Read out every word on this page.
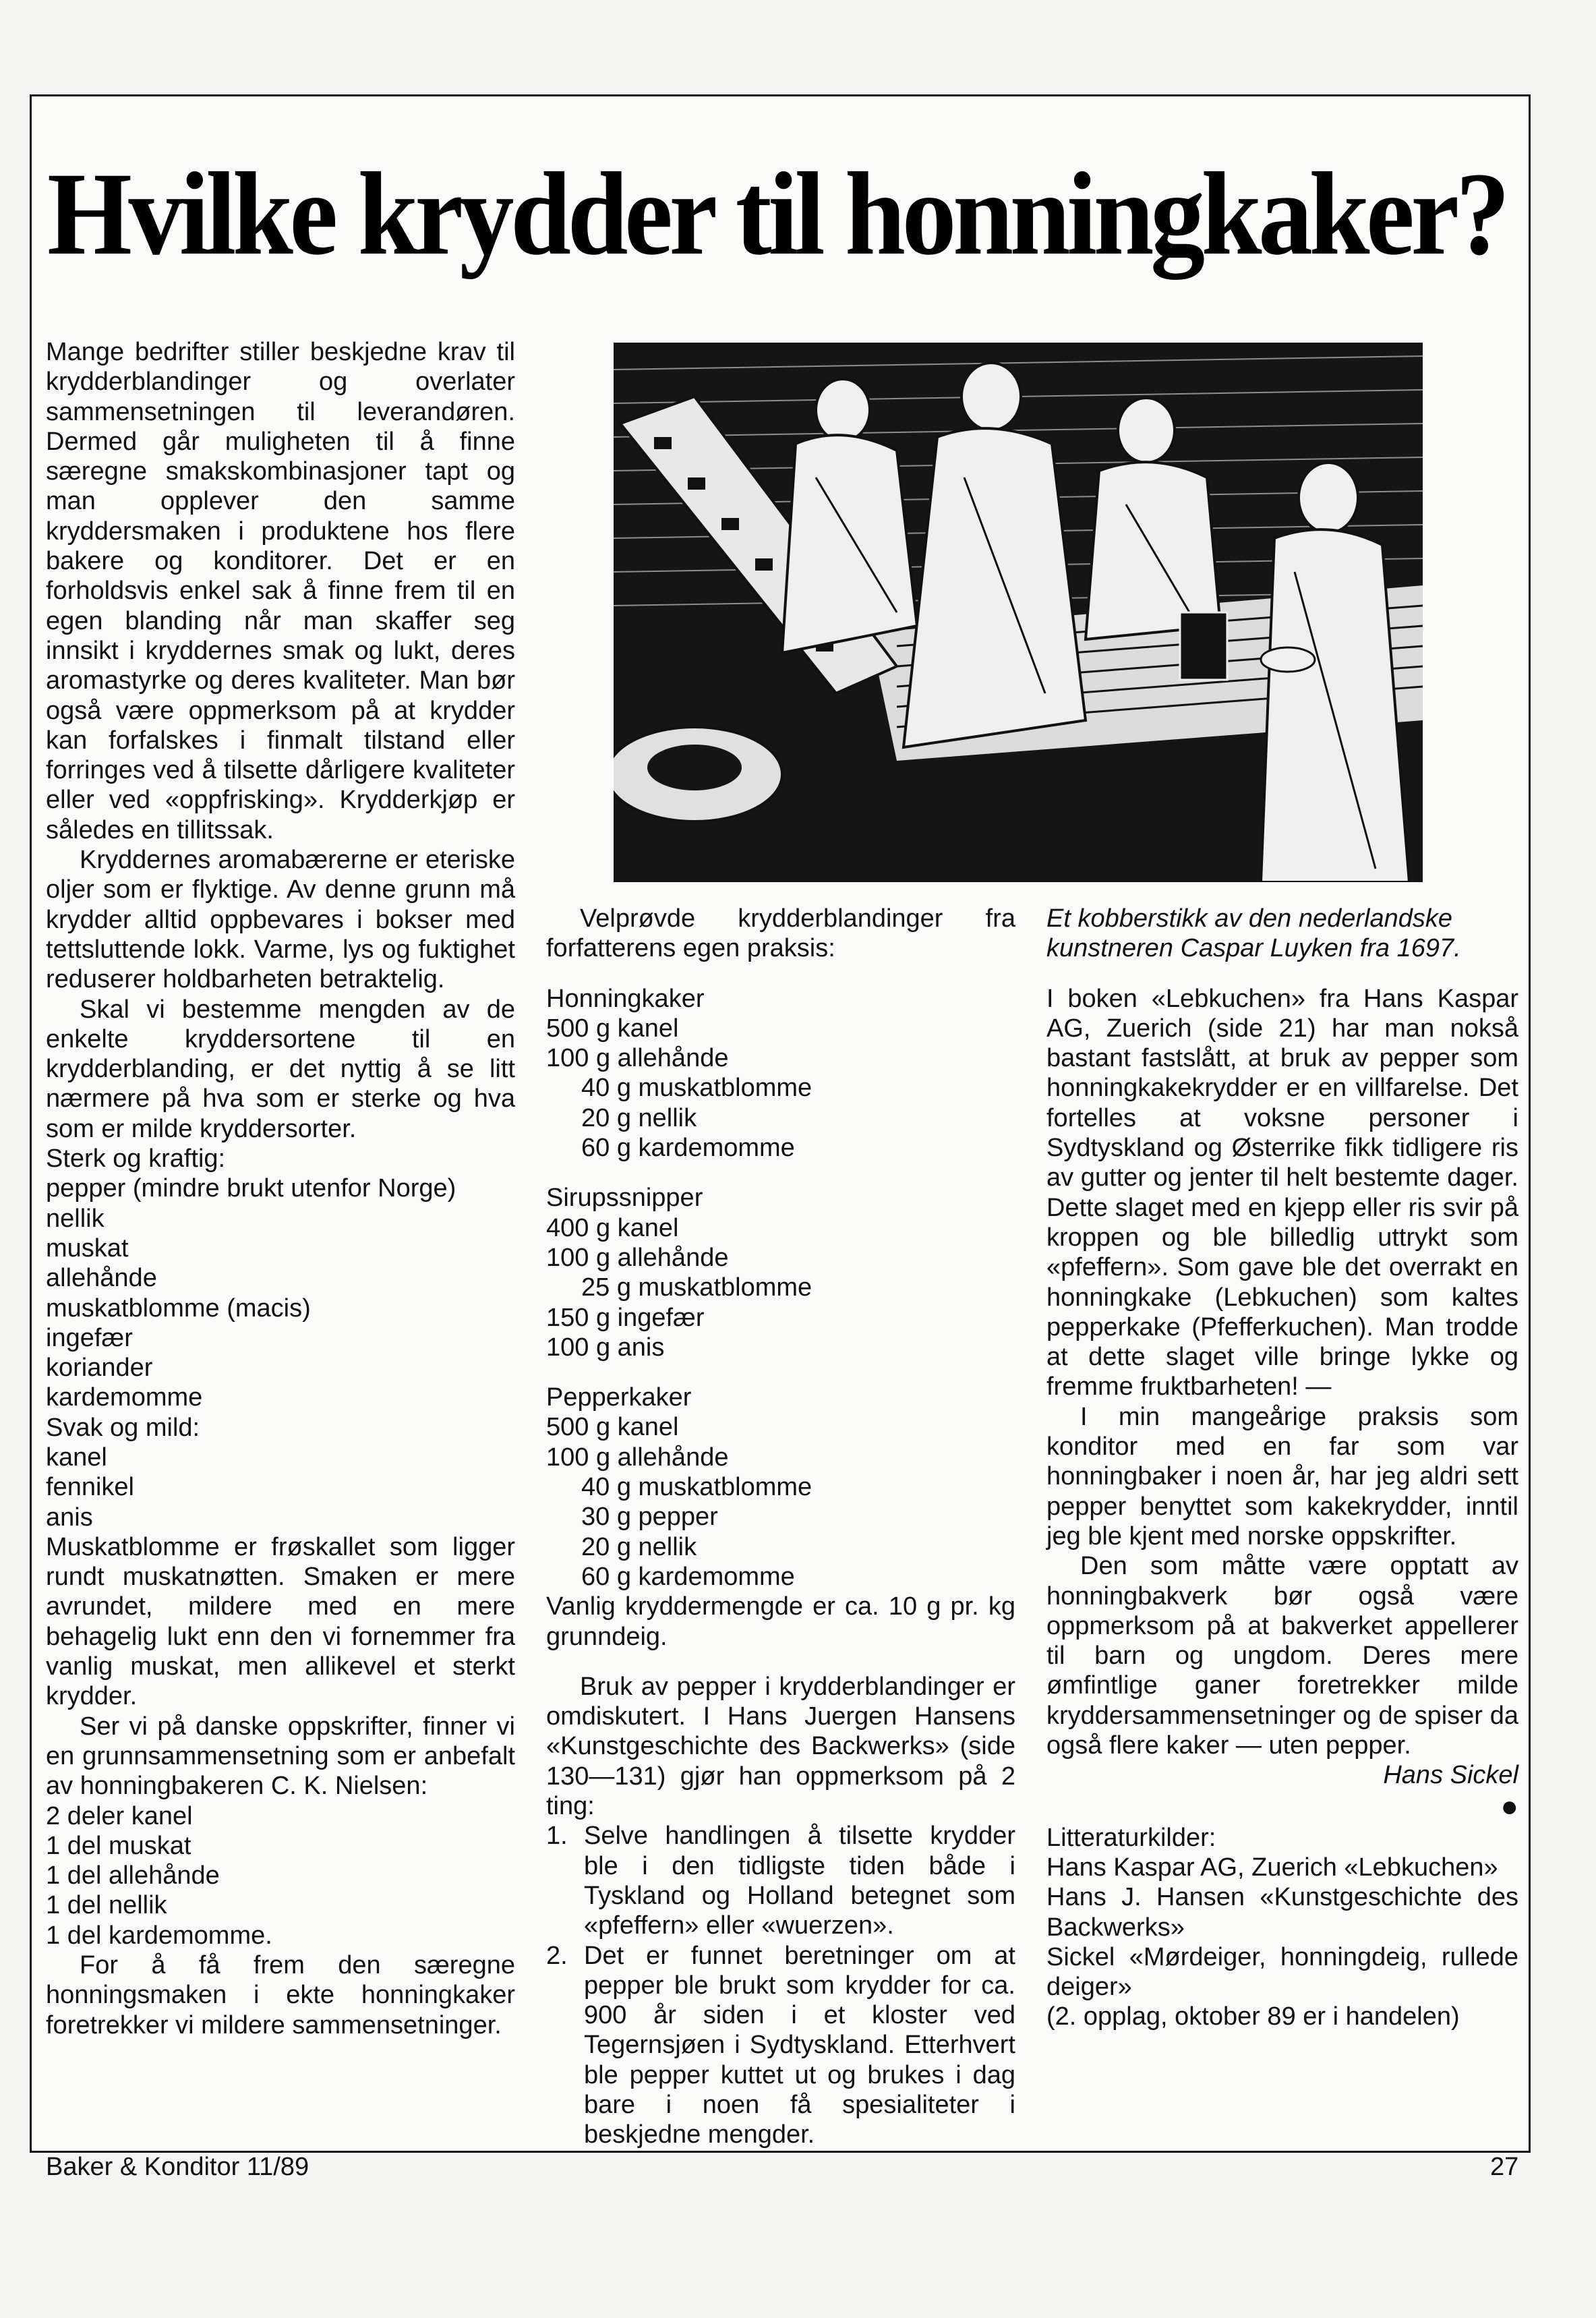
Hvilke krydder til honningkaker?

Mange bedrifter stiller beskjedne krav til krydderblandinger og overlater sammensetningen til leverandøren. Dermed går muligheten til å finne særegne smakskombinasjoner tapt og man opplever den samme kryddersmaken i produktene hos flere bakere og konditorer. Det er en forholdsvis enkel sak å finne frem til en egen blanding når man skaffer seg innsikt i kryddernes smak og lukt, deres aromastyrke og deres kvaliteter. Man bør også være oppmerksom på at krydder kan forfalskes i finmalt tilstand eller forringes ved å tilsette dårligere kvaliteter eller ved «oppfrisking». Krydderkjøp er således en tillitssak.

Kryddernes aromabærerne er eteriske oljer som er flyktige. Av denne grunn må krydder alltid oppbevares i bokser med tettsluttende lokk. Varme, lys og fuktighet reduserer holdbarheten betraktelig.

Skal vi bestemme mengden av de enkelte kryddersortene til en krydderblanding, er det nyttig å se litt nærmere på hva som er sterke og hva som er milde kryddersorter.

Sterk og kraftig:
pepper (mindre brukt utenfor Norge)
nellik
muskat
allehånde
muskatblomme (macis)
ingefær
koriander
kardemomme
Svak og mild:
kanel
fennikel
anis

Muskatblomme er frøskallet som ligger rundt muskatnøtten. Smaken er mere avrundet, mildere med en mere behagelig lukt enn den vi fornemmer fra vanlig muskat, men allikevel et sterkt krydder.

Ser vi på danske oppskrifter, finner vi en grunnsammensetning som er anbefalt av honningbakeren C. K. Nielsen:

2 deler kanel
1 del muskat
1 del allehånde
1 del nellik
1 del kardemomme.

For å få frem den særegne honningsmaken i ekte honningkaker foretrekker vi mildere sammensetninger.

Velprøvde krydderblandinger fra forfatterens egen praksis:

Honningkaker
500 g kanel
100 g allehånde
40 g muskatblomme
20 g nellik
60 g kardemomme
Sirupssnipper
400 g kanel
100 g allehånde
25 g muskatblomme
150 g ingefær
100 g anis
Pepperkaker
500 g kanel
100 g allehånde
40 g muskatblomme
30 g pepper
20 g nellik
60 g kardemomme

Vanlig kryddermengde er ca. 10 g pr. kg grunndeig.

Bruk av pepper i krydderblandinger er omdiskutert. I Hans Juergen Hansens «Kunstgeschichte des Backwerks» (side 130—131) gjør han oppmerksom på 2 ting:

1. Selve handlingen å tilsette krydder ble i den tidligste tiden både i Tyskland og Holland betegnet som «pfeffern» eller «wuerzen».
2. Det er funnet beretninger om at pepper ble brukt som krydder for ca. 900 år siden i et kloster ved Tegernsjøen i Sydtyskland. Etterhvert ble pepper kuttet ut og brukes i dag bare i noen få spesialiteter i beskjedne mengder.

Et kobberstikk av den nederlandske kunstneren Caspar Luyken fra 1697.

I boken «Lebkuchen» fra Hans Kaspar AG, Zuerich (side 21) har man nokså bastant fastslått, at bruk av pepper som honningkakekrydder er en villfarelse. Det fortelles at voksne personer i Sydtyskland og Østerrike fikk tidligere ris av gutter og jenter til helt bestemte dager. Dette slaget med en kjepp eller ris svir på kroppen og ble billedlig uttrykt som «pfeffern». Som gave ble det overrakt en honningkake (Lebkuchen) som kaltes pepperkake (Pfefferkuchen). Man trodde at dette slaget ville bringe lykke og fremme fruktbarheten! —

I min mangeårige praksis som konditor med en far som var honningbaker i noen år, har jeg aldri sett pepper benyttet som kakekrydder, inntil jeg ble kjent med norske oppskrifter.

Den som måtte være opptatt av honningbakverk bør også være oppmerksom på at bakverket appellerer til barn og ungdom. Deres mere ømfintlige ganer foretrekker milde kryddersammensetninger og de spiser da også flere kaker — uten pepper.

Hans Sickel

●
Litteraturkilder:
Hans Kaspar AG, Zuerich «Lebkuchen»
Hans J. Hansen «Kunstgeschichte des Backwerks»
Sickel «Mørdeiger, honningdeig, rullede deiger»
(2. opplag, oktober 89 er i handelen)
Baker & Konditor 11/89	27
